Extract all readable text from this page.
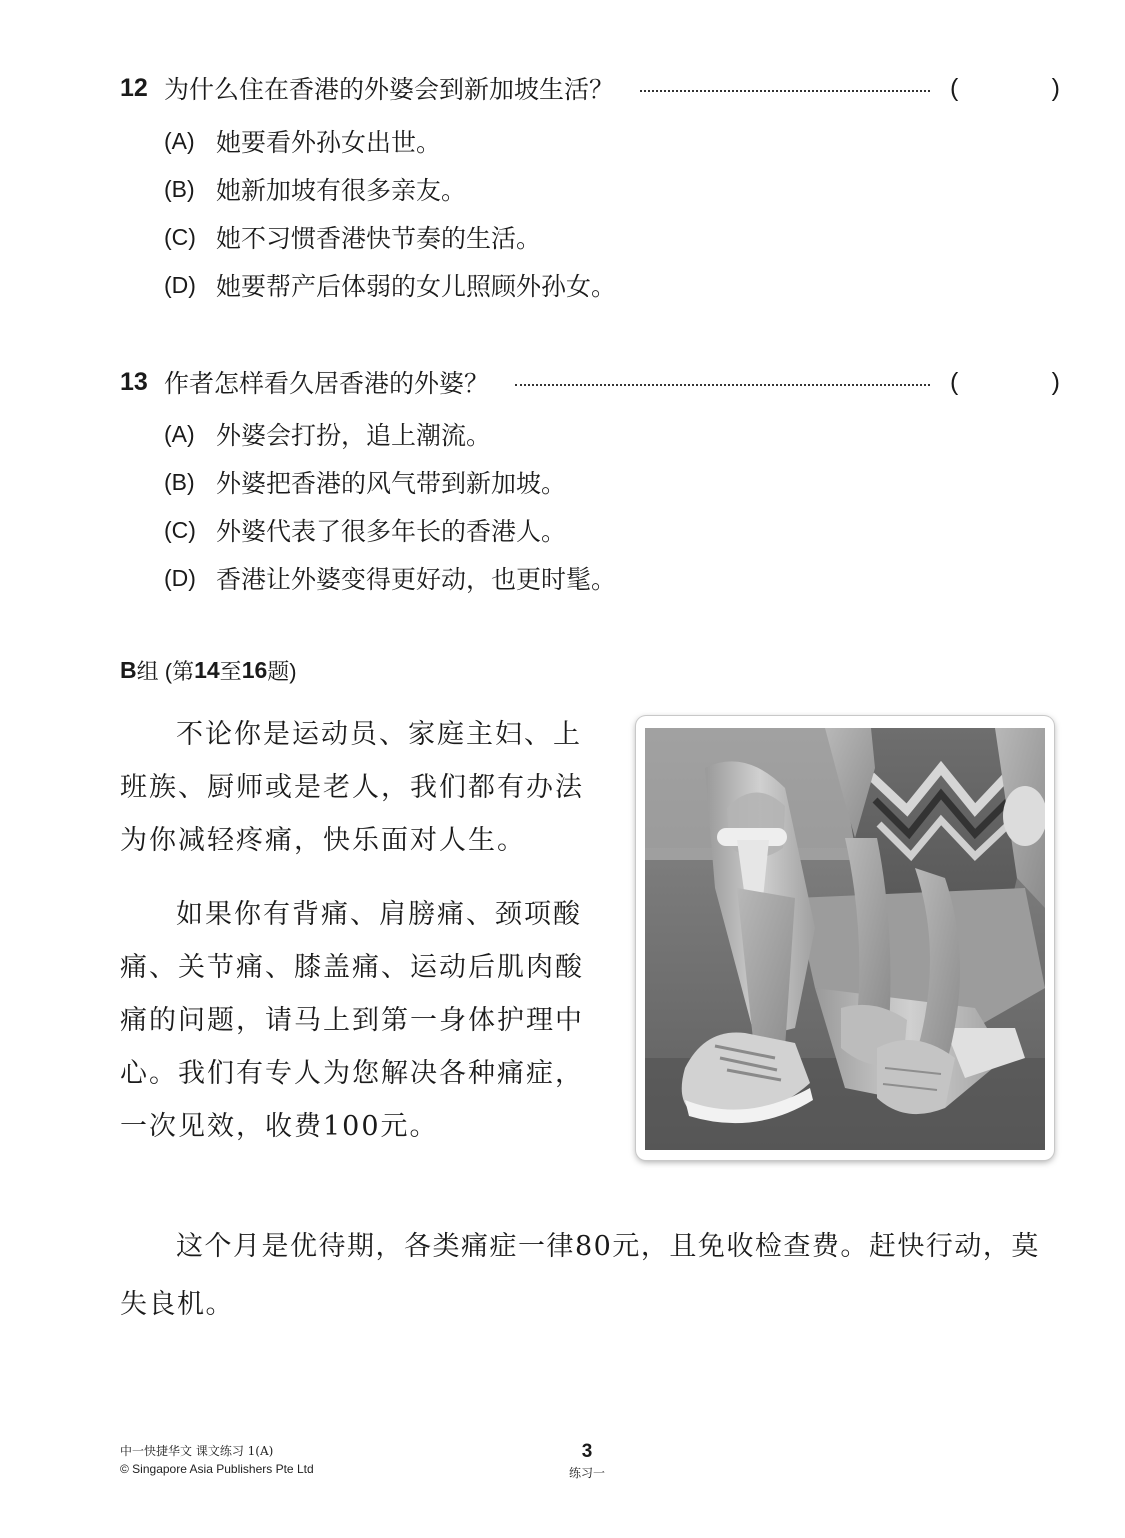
12 为什么住在香港的外婆会到新加坡生活？	(	)
(A) 她要看外孙女出世。
(B) 她新加坡有很多亲友。
(C) 她不习惯香港快节奏的生活。
(D) 她要帮产后体弱的女儿照顾外孙女。
13 作者怎样看久居香港的外婆？	(	)
(A) 外婆会打扮，追上潮流。
(B) 外婆把香港的风气带到新加坡。
(C) 外婆代表了很多年长的香港人。
(D) 香港让外婆变得更好动，也更时髦。
B 组 (第 14 至 16 题)

不论你是运动员、家庭主妇、上班族、厨师或是老人，我们都有办法为你减轻疼痛，快乐面对人生。

如果你有背痛、肩膀痛、颈项酸痛、关节痛、膝盖痛、运动后肌肉酸痛的问题，请马上到第一身体护理中心。我们有专人为您解决各种痛症，一次见效，收费100元。

这个月是优待期，各类痛症一律80元，且免收检查费。赶快行动，莫失良机。

中一快捷华文 课文练习 1(A)
© Singapore Asia Publishers Pte Ltd
3
练习一
